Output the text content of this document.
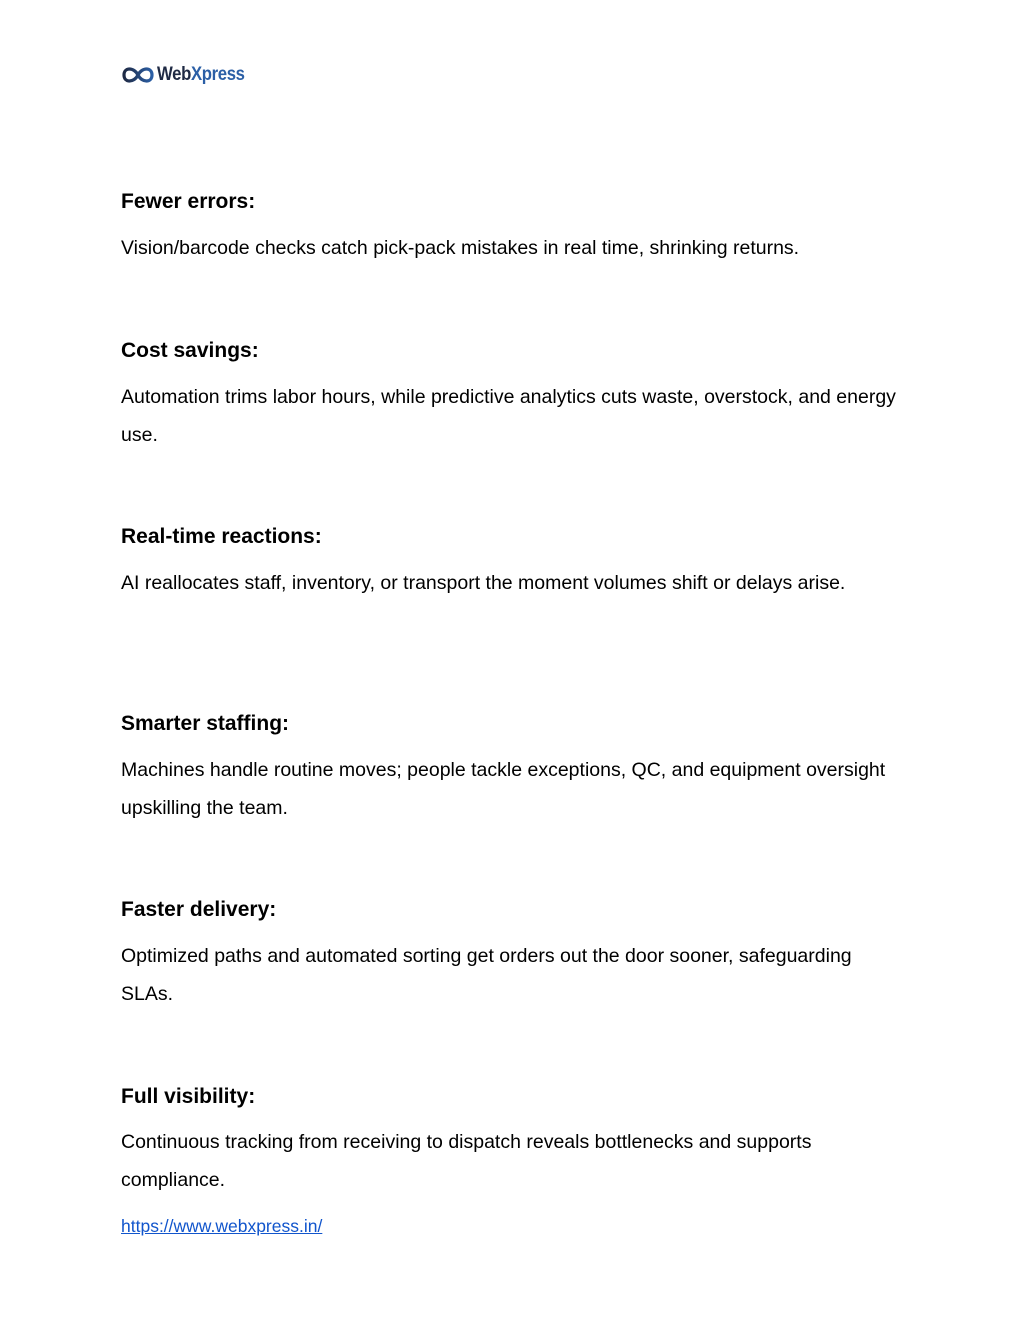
WebXpress
Fewer errors:

Vision/barcode checks catch pick‑pack mistakes in real time, shrinking returns.

Cost savings:

Automation trims labor hours, while predictive analytics cuts waste, overstock, and energy use.

Real‑time reactions:

AI reallocates staff, inventory, or transport the moment volumes shift or delays arise.

Smarter staffing:

Machines handle routine moves; people tackle exceptions, QC, and equipment oversight upskilling the team.

Faster delivery:

Optimized paths and automated sorting get orders out the door sooner, safeguarding SLAs.

Full visibility:

Continuous tracking from receiving to dispatch reveals bottlenecks and supports compliance.

https://www.webxpress.in/
